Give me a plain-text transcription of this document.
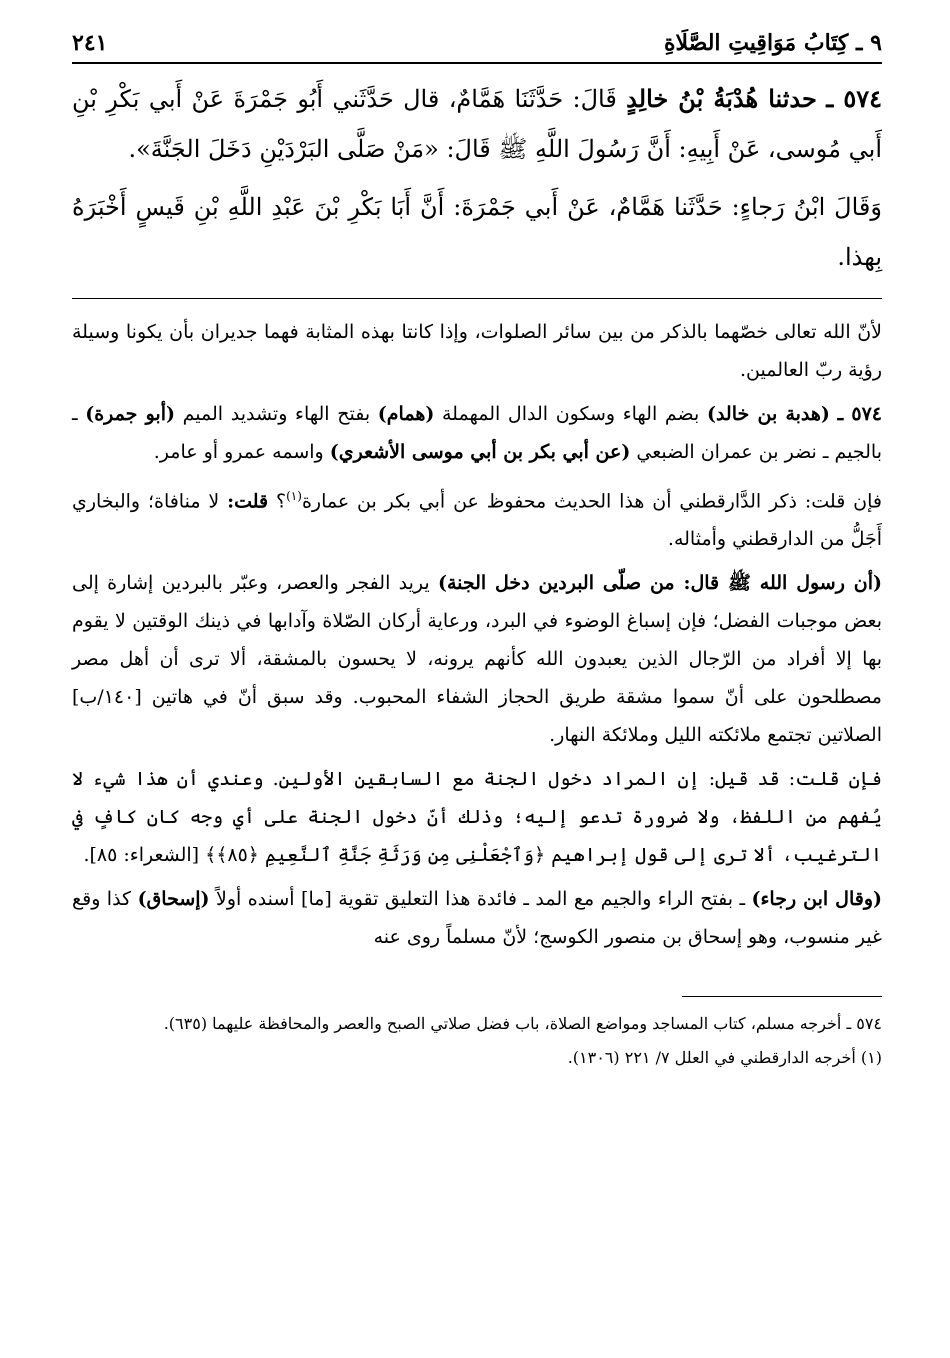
٩ ـ كِتَابُ مَوَاقِيتِ الصَّلَاةِ
٢٤١

٥٧٤ ـ حدثنا هُدْبَةُ بْنُ خالِدٍ قَالَ: حَدَّثَنَا هَمَّامٌ، قال حَدَّثَني أَبُو جَمْرَةَ عَنْ أَبي بَكْرِ بْنِ أَبي مُوسى، عَنْ أَبِيهِ: أَنَّ رَسُولَ اللَّهِ ﷺ قَالَ: «مَنْ صَلَّى البَرْدَيْنِ دَخَلَ الجَنَّةَ».

وَقَالَ ابْنُ رَجاءٍ: حَدَّثَنا هَمَّامٌ، عَنْ أَبي جَمْرَةَ: أَنَّ أَبَا بَكْرِ بْنَ عَبْدِ اللَّهِ بْنِ قَيسٍ أَخْبَرَهُ بِهذا.

لأنّ الله تعالى خصّهما بالذكر من بين سائر الصلوات، وإذا كانتا بهذه المثابة فهما جديران بأن يكونا وسيلة رؤية ربّ العالمين.

٥٧٤ ـ (هدبة بن خالد) بضم الهاء وسكون الدال المهملة (همام) بفتح الهاء وتشديد الميم (أبو جمرة) ـ بالجيم ـ نضر بن عمران الضبعي (عن أبي بكر بن أبي موسى الأشعري) واسمه عمرو أو عامر.

فإن قلت: ذكر الدَّارقطني أن هذا الحديث محفوظ عن أبي بكر بن عمارة$^{(١)}$؟ قلت: لا منافاة؛ والبخاري أَجَلُّ من الدارقطني وأمثاله.

(أن رسول الله ﷺ قال: من صلّى البردين دخل الجنة) يريد الفجر والعصر، وعبّر بالبردين إشارة إلى بعض موجبات الفضل؛ فإن إسباغ الوضوء في البرد، ورعاية أركان الصّلاة وآدابها في ذينك الوقتين لا يقوم بها إلا أفراد من الرّجال الذين يعبدون الله كأنهم يرونه، لا يحسون بالمشقة، ألا ترى أن أهل مصر مصطلحون على أنّ سموا مشقة طريق الحجاز الشفاء المحبوب. وقد سبق أنّ في هاتين [١٤٠/ب] الصلاتين تجتمع ملائكته الليل وملائكة النهار.

فإن قلت: قد قيل: إن المراد دخول الجنة مع السابقين الأولين. وعندي أن هذا شيء لا يُفهم من اللفظ، ولا ضرورة تدعو إليه؛ وذلك أنّ دخول الجنة على أي وجه كان كافٍ في الترغيب، ألا ترى إلى قول إبراهيم ﴿وَٱجْعَلْنِى مِن وَرَثَةِ جَنَّةِ ٱلنَّعِيمِ ﴿٨٥﴾﴾ [الشعراء: ٨٥].

(وقال ابن رجاء) ـ بفتح الراء والجيم مع المد ـ فائدة هذا التعليق تقوية [ما] أسنده أولاً (إسحاق) كذا وقع غير منسوب، وهو إسحاق بن منصور الكوسج؛ لأنّ مسلماً روى عنه

٥٧٤ ـ أخرجه مسلم، كتاب المساجد ومواضع الصلاة، باب فضل صلاتي الصبح والعصر والمحافظة عليهما (٦٣٥).

(١) أخرجه الدارقطني في العلل ٧/ ٢٢١ (١٣٠٦).
